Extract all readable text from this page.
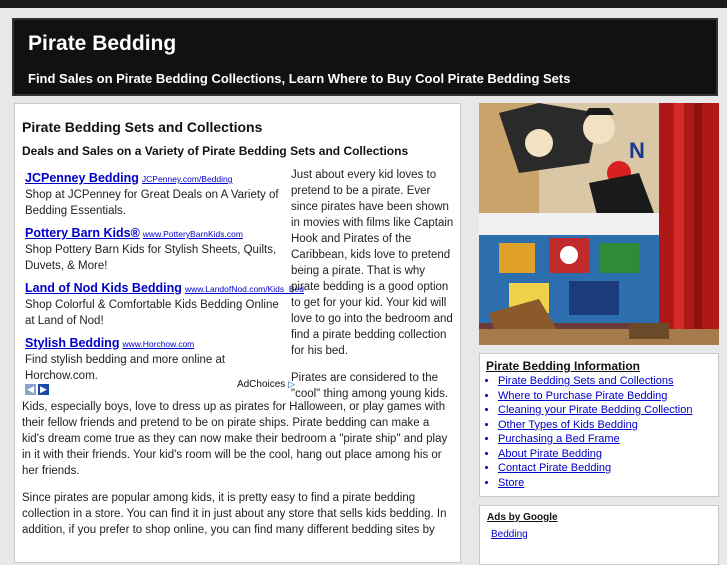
Pirate Bedding
Find Sales on Pirate Bedding Collections, Learn Where to Buy Cool Pirate Bedding Sets
Pirate Bedding Sets and Collections
Deals and Sales on a Variety of Pirate Bedding Sets and Collections
JCPenney Bedding JCPenney.com/Bedding
Shop at JCPenney for Great Deals on A Variety of Bedding Essentials.
Pottery Barn Kids® www.PotteryBarnKids.com
Shop Pottery Barn Kids for Stylish Sheets, Quilts, Duvets, & More!
Land of Nod Kids Bedding www.LandofNod.com/Kids_Bed
Shop Colorful & Comfortable Kids Bedding Online at Land of Nod!
Stylish Bedding www.Horchow.com
Find stylish bedding and more online at Horchow.com.
◀ ▶	AdChoices ▷

Just about every kid loves to pretend to be a pirate. Ever since pirates have been shown in movies with films like Captain Hook and Pirates of the Caribbean, kids love to pretend being a pirate. That is why pirate bedding is a good option to get for your kid. Your kid will love to go into the bedroom and find a pirate bedding collection for his bed.

Pirates are considered to the "cool" thing among young kids.

Kids, especially boys, love to dress up as pirates for Halloween, or play games with their fellow friends and pretend to be on pirate ships. Pirate bedding can make a kid's dream come true as they can now make their bedroom a "pirate ship" and play in it with their friends. Your kid's room will be the cool, hang out place among his or her friends.

Since pirates are popular among kids, it is pretty easy to find a pirate bedding collection in a store. You can find it in just about any store that sells kids bedding. In addition, if you prefer to shop online, you can find many different bedding sites by

N
Pirate Bedding Information
• Pirate Bedding Sets and Collections
• Where to Purchase Pirate Bedding
• Cleaning your Pirate Bedding Collection
• Other Types of Kids Bedding
• Purchasing a Bed Frame
• About Pirate Bedding
• Contact Pirate Bedding
• Store
Ads by Google
Bedding
